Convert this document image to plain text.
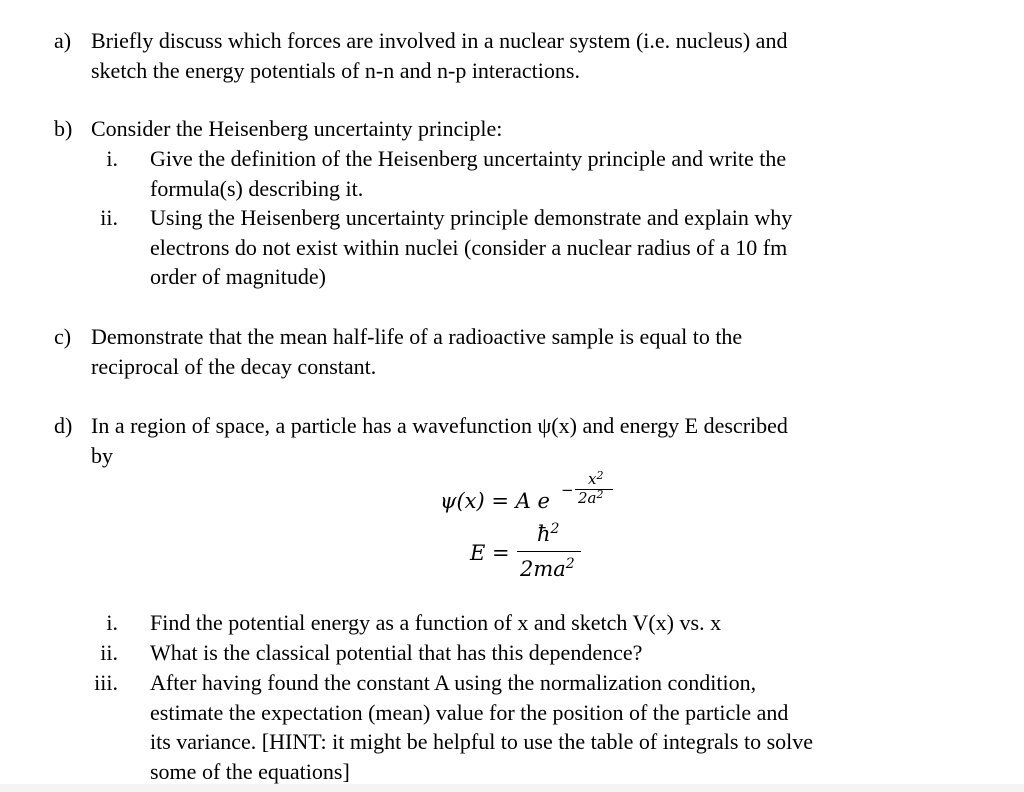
a) Briefly discuss which forces are involved in a nuclear system (i.e. nucleus) and
sketch the energy potentials of n-n and n-p interactions.
b) Consider the Heisenberg uncertainty principle:
i. Give the definition of the Heisenberg uncertainty principle and write the
formula(s) describing it.
ii. Using the Heisenberg uncertainty principle demonstrate and explain why
electrons do not exist within nuclei (consider a nuclear radius of a 10 fm
order of magnitude)
c) Demonstrate that the mean half-life of a radioactive sample is equal to the
reciprocal of the decay constant.
d) In a region of space, a particle has a wavefunction ψ(x) and energy E described
by
ψ(x) = A e −
$x^2$
$2a^2$
E =
$ħ^2$
$2ma^2$
i. Find the potential energy as a function of x and sketch V(x) vs. x
ii. What is the classical potential that has this dependence?
iii. After having found the constant A using the normalization condition,
estimate the expectation (mean) value for the position of the particle and
its variance. [HINT: it might be helpful to use the table of integrals to solve
some of the equations]
